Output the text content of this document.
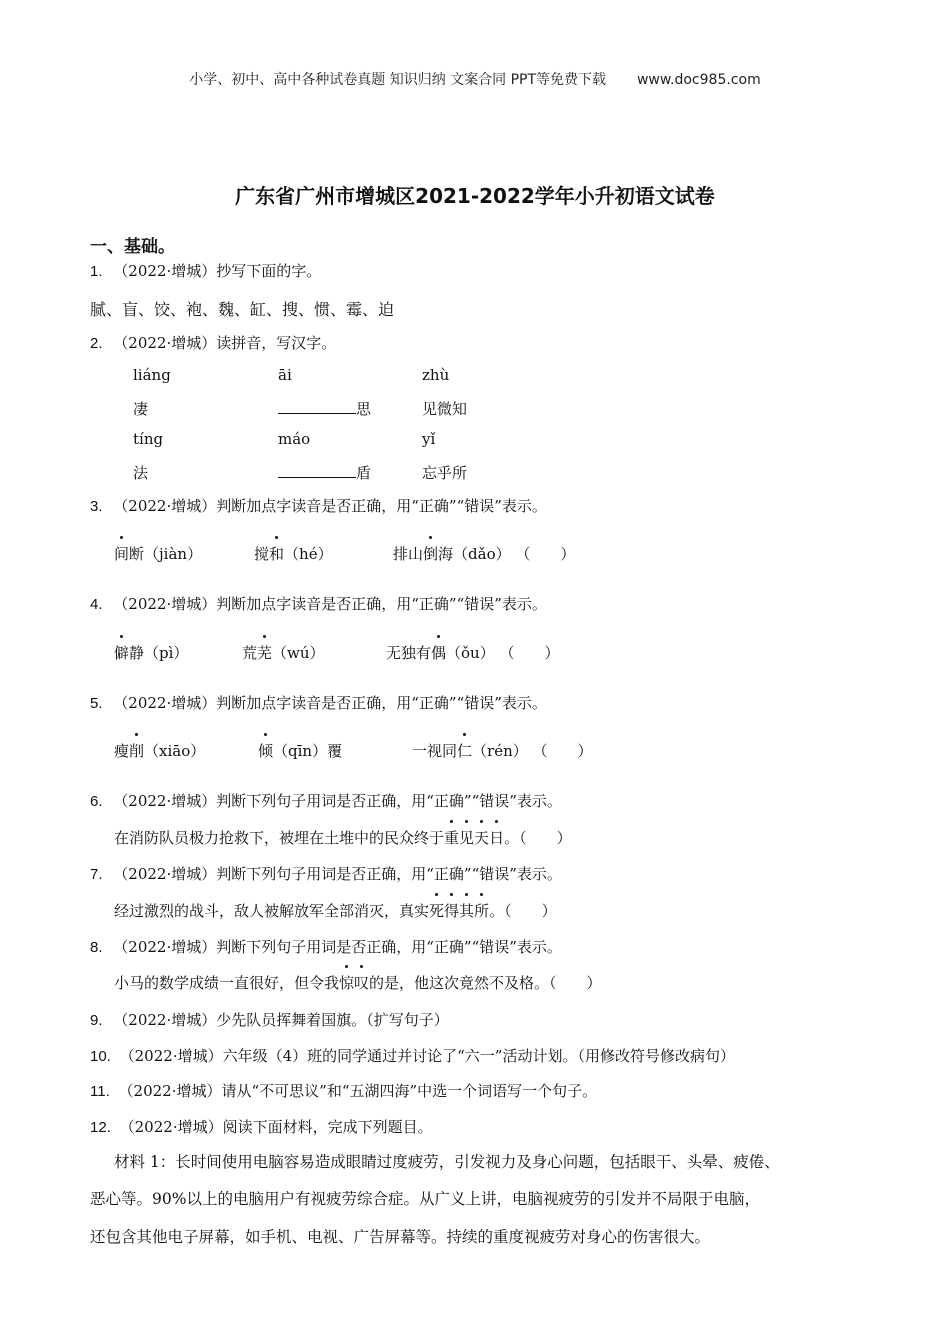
小学、初中、高中各种试卷真题 知识归纳 文案合同 PPT等免费下载 www.doc985.com
广东省广州市增城区2021-2022学年小升初语文试卷
一、基础。
1. （2022·增城）抄写下面的字。
腻、盲、饺、袍、魏、缸、搜、惯、霉、迫
2. （2022·增城）读拼音，写汉字。
liáng	āi	zhù
凄	思	见微知
tíng	máo	yǐ
法	盾	忘乎所
3. （2022·增城）判断加点字读音是否正确，用“正确”“错误”表示。
间断（jiàn）	搅和（hé）	排山倒海（dǎo） （　　）
4. （2022·增城）判断加点字读音是否正确，用“正确”“错误”表示。
僻静（pì）	荒芜（wú）	无独有偶（ǒu） （　　）
5. （2022·增城）判断加点字读音是否正确，用“正确”“错误”表示。
瘦削（xiāo）	倾（qīn）覆	一视同仁（rén） （　　）
6. （2022·增城）判断下列句子用词是否正确，用“正确”“错误”表示。
在消防队员极力抢救下，被埋在土堆中的民众终于重见天日。（　　）
7. （2022·增城）判断下列句子用词是否正确，用“正确”“错误”表示。
经过激烈的战斗，敌人被解放军全部消灭，真实死得其所。（　　）
8. （2022·增城）判断下列句子用词是否正确，用“正确”“错误”表示。
小马的数学成绩一直很好，但令我惊叹的是，他这次竟然不及格。（　　）
9. （2022·增城）少先队员挥舞着国旗。（扩写句子）
10. （2022·增城）六年级（4）班的同学通过并讨论了“六一”活动计划。（用修改符号修改病句）
11. （2022·增城）请从“不可思议”和“五湖四海”中选一个词语写一个句子。
12. （2022·增城）阅读下面材料，完成下列题目。
材料 1：长时间使用电脑容易造成眼睛过度疲劳，引发视力及身心问题，包括眼干、头晕、疲倦、
恶心等。90%以上的电脑用户有视疲劳综合症。从广义上讲，电脑视疲劳的引发并不局限于电脑，
还包含其他电子屏幕，如手机、电视、广告屏幕等。持续的重度视疲劳对身心的伤害很大。
